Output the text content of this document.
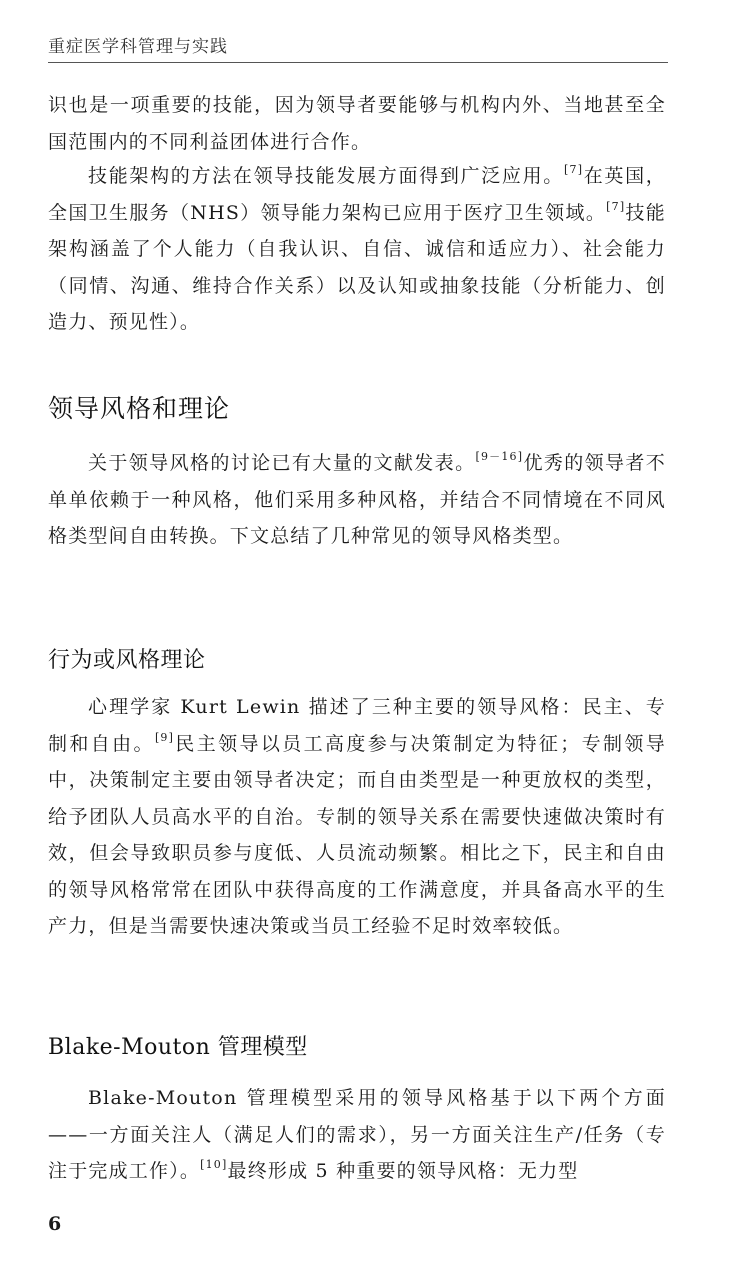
重症医学科管理与实践

识也是一项重要的技能，因为领导者要能够与机构内外、当地甚至全国范围内的不同利益团体进行合作。

技能架构的方法在领导技能发展方面得到广泛应用。[7]在英国，全国卫生服务（NHS）领导能力架构已应用于医疗卫生领域。[7]技能架构涵盖了个人能力（自我认识、自信、诚信和适应力）、社会能力（同情、沟通、维持合作关系）以及认知或抽象技能（分析能力、创造力、预见性）。

领导风格和理论

关于领导风格的讨论已有大量的文献发表。[9－16]优秀的领导者不单单依赖于一种风格，他们采用多种风格，并结合不同情境在不同风格类型间自由转换。下文总结了几种常见的领导风格类型。

行为或风格理论

心理学家 Kurt Lewin 描述了三种主要的领导风格：民主、专制和自由。[9]民主领导以员工高度参与决策制定为特征；专制领导中，决策制定主要由领导者决定；而自由类型是一种更放权的类型，给予团队人员高水平的自治。专制的领导关系在需要快速做决策时有效，但会导致职员参与度低、人员流动频繁。相比之下，民主和自由的领导风格常常在团队中获得高度的工作满意度，并具备高水平的生产力，但是当需要快速决策或当员工经验不足时效率较低。

Blake-Mouton 管理模型

Blake-Mouton 管理模型采用的领导风格基于以下两个方面——一方面关注人（满足人们的需求），另一方面关注生产/任务（专注于完成工作）。[10]最终形成 5 种重要的领导风格：无力型

6
